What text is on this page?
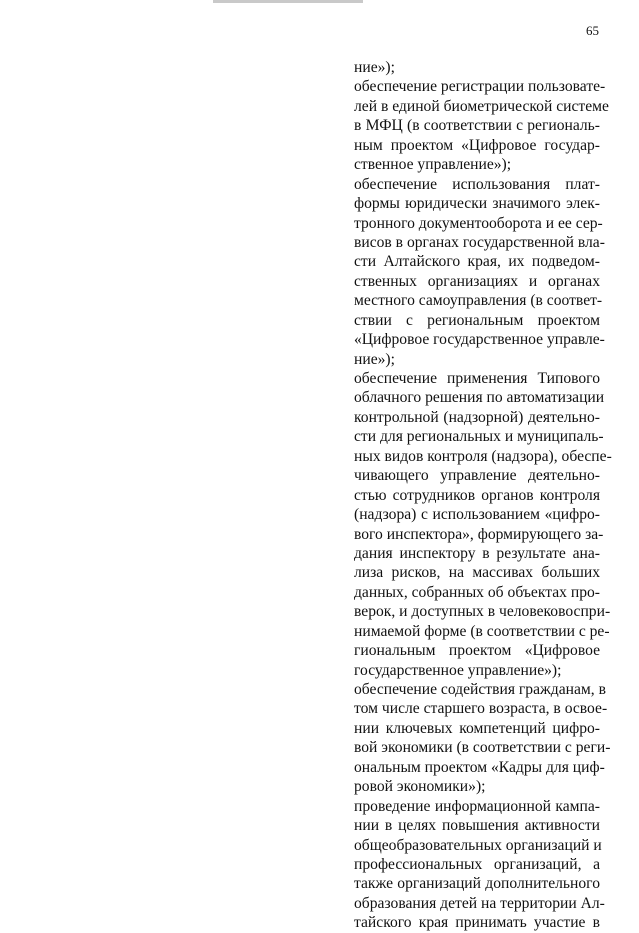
65
ние»);
обеспечение регистрации пользовате-
лей в единой биометрической системе
в МФЦ (в соответствии с региональ-
ным проектом «Цифровое государ-
ственное управление»);
обеспечение использования плат-
формы юридически значимого элек-
тронного документооборота и ее сер-
висов в органах государственной вла-
сти Алтайского края, их подведом-
ственных организациях и органах
местного самоуправления (в соответ-
ствии с региональным проектом
«Цифровое государственное управле-
ние»);
обеспечение применения Типового
облачного решения по автоматизации
контрольной (надзорной) деятельно-
сти для региональных и муниципаль-
ных видов контроля (надзора), обеспе-
чивающего управление деятельно-
стью сотрудников органов контроля
(надзора) с использованием «цифро-
вого инспектора», формирующего за-
дания инспектору в результате ана-
лиза рисков, на массивах больших
данных, собранных об объектах про-
верок, и доступных в человековоспри-
нимаемой форме (в соответствии с ре-
гиональным проектом «Цифровое
государственное управление»);
обеспечение содействия гражданам, в
том числе старшего возраста, в освое-
нии ключевых компетенций цифро-
вой экономики (в соответствии с реги-
ональным проектом «Кадры для циф-
ровой экономики»);
проведение информационной кампа-
нии в целях повышения активности
общеобразовательных организаций и
профессиональных организаций, а
также организаций дополнительного
образования детей на территории Ал-
тайского края принимать участие в
